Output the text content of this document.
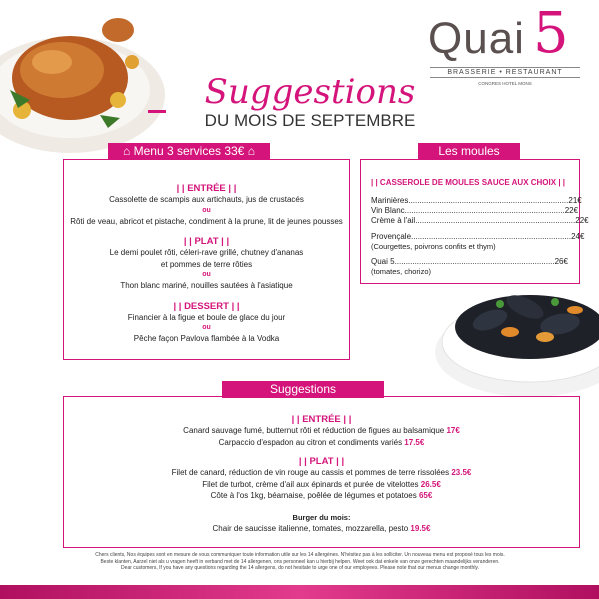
Quai 5
BRASSERIE • RESTAURANT
CONGRES HOTEL MONS
Suggestions
DU MOIS DE SEPTEMBRE
| | ENTRÉE | |
Cassolette de scampis aux artichauts, jus de crustacés
ou
Rôti de veau, abricot et pistache, condiment à la prune, lit de jeunes pousses
| | PLAT | |
Le demi poulet rôti, céleri-rave grillé, chutney d'ananas
et pommes de terre rôties
ou
Thon blanc mariné, nouilles sautées à l'asiatique
| | DESSERT | |
Financier à la figue et boule de glace du jour
ou
Pêche façon Pavlova flambée à la Vodka
⌂ Menu 3 services 33€ ⌂
| | CASSEROLE DE MOULES SAUCE AUX CHOIX | |
Marinières ........................................................................ 21€
Vin Blanc ........................................................................ 22€
Crème à l'ail ........................................................................ 22€
Provençale ........................................................................ 24€
(Courgettes, poivrons confits et thym)
Quai 5 ........................................................................ 26€
(tomates, chorizo)
Les moules
| | ENTRÉE | |
Canard sauvage fumé, butternut rôti et réduction de figues au balsamique 17€
Carpaccio d'espadon au citron et condiments variés 17.5€
| | PLAT | |
Filet de canard, réduction de vin rouge au cassis et pommes de terre rissolées 23.5€
Filet de turbot, crème d'ail aux épinards et purée de vitelottes 26.5€
Côte à l'os 1kg, béarnaise, poêlée de légumes et potatoes 65€
Burger du mois:
Chair de saucisse italienne, tomates, mozzarella, pesto 19.5€
Suggestions
Chers clients, Nos équipes sont en mesure de vous communiquer toute information utile sur les 14 allergènes. N'hésitez pas à les solliciter. Un nouveau menu est proposé tous les mois.
Beste klanten, Aarzel niet als u vragen heeft in verband met de 14 allergenen, ons personeel kan u hierbij helpen. Weet ook dat enkele van onze gerechten maandelijks veranderen.
Dear customers, If you have any questions regarding the 14 allergens, do not hesitate to urge one of our employees. Please note that our menus change monthly.
